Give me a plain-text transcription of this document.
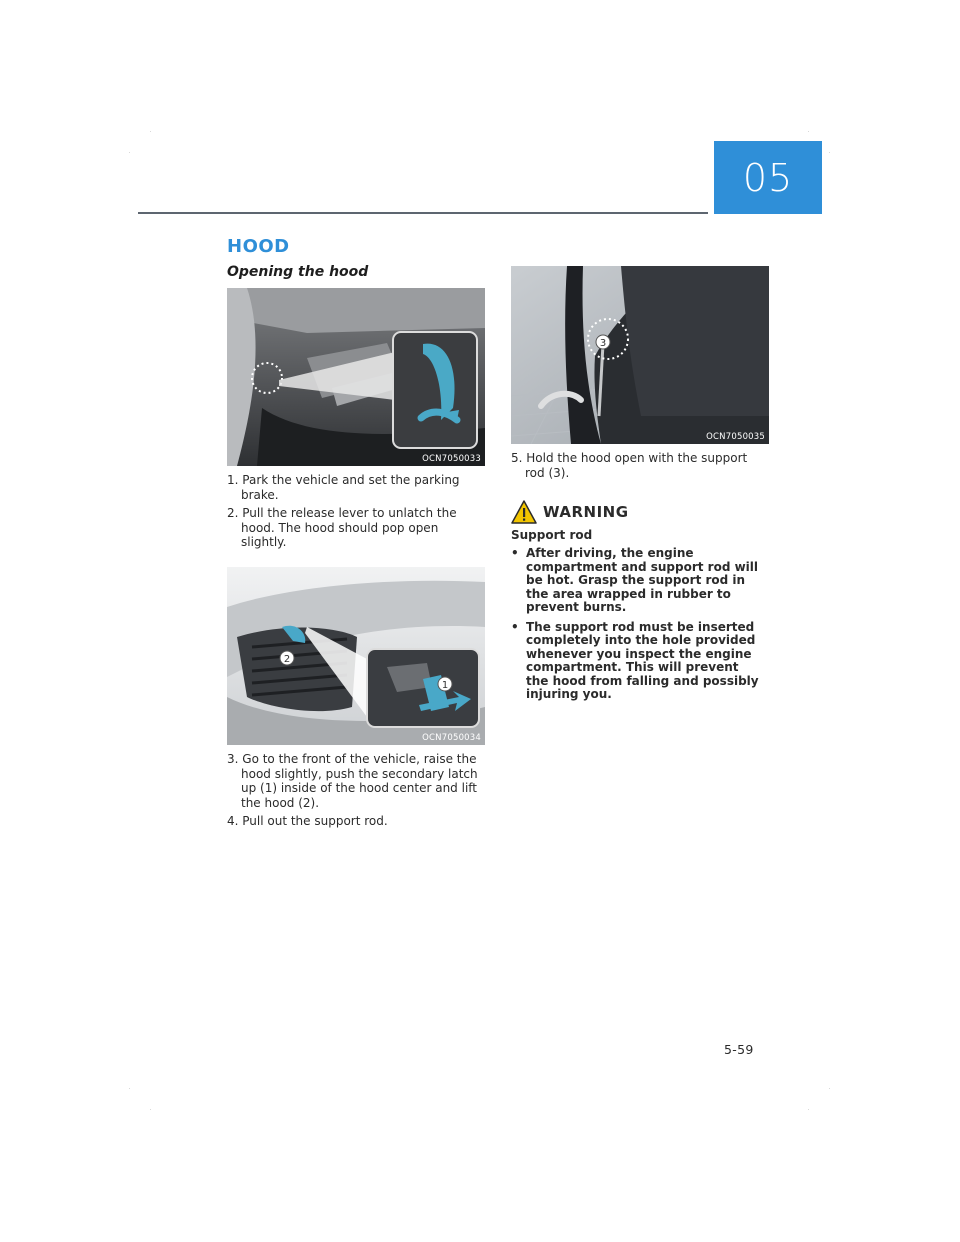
05
HOOD
Opening the hood
OCN7050033
1. Park the vehicle and set the parking brake.
2. Pull the release lever to unlatch the hood. The hood should pop open slightly.
2
1
OCN7050034
3. Go to the front of the vehicle, raise the hood slightly, push the secondary latch up (1) inside of the hood center and lift the hood (2).
4. Pull out the support rod.
3
OCN7050035
5. Hold the hood open with the support rod (3).
WARNING

Support rod

• After driving, the engine compartment and support rod will be hot. Grasp the support rod in the area wrapped in rubber to prevent burns.
• The support rod must be inserted completely into the hole provided whenever you inspect the engine compartment. This will prevent the hood from falling and possibly injuring you.
5-59
